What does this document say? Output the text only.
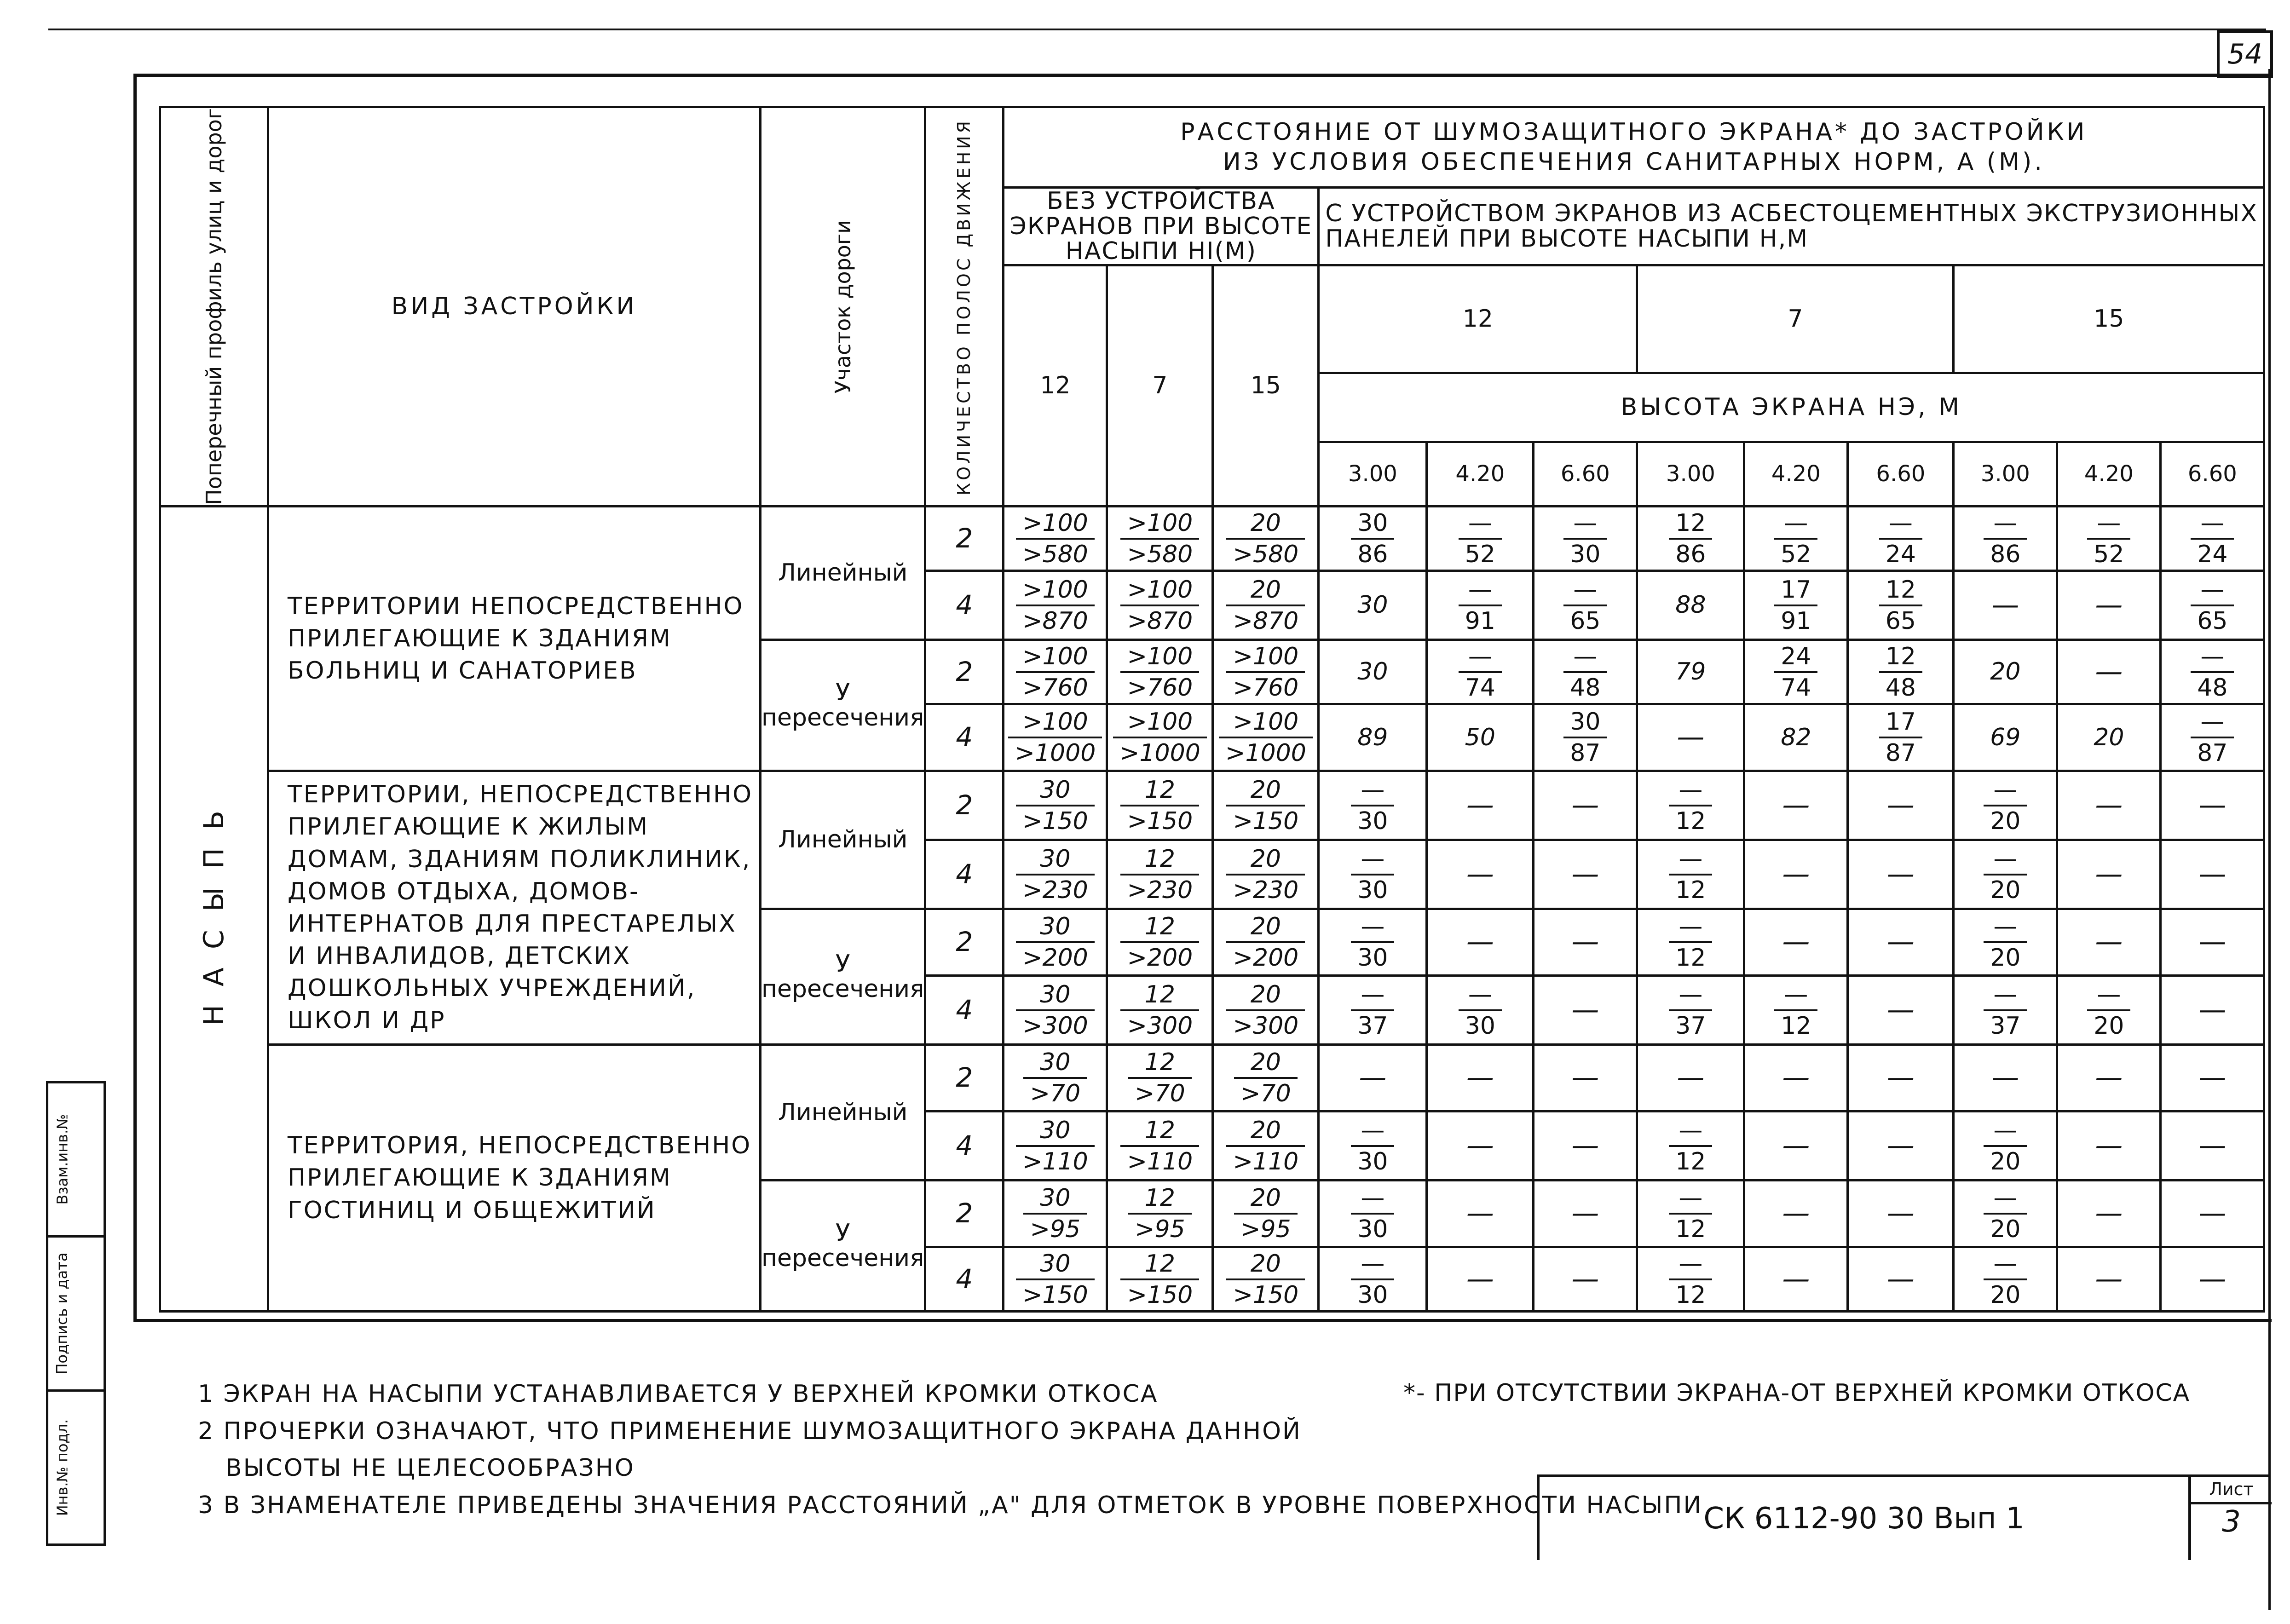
54
Взам.инв.№
Подпись и дата
Инв.№ подл.
Поперечный профиль улиц и дорог	ВИД ЗАСТРОЙКИ	Участок дороги	КОЛИЧЕСТВО ПОЛОС ДВИЖЕНИЯ	РАССТОЯНИЕ ОТ ШУМОЗАЩИТНОГО ЭКРАНА* ДО ЗАСТРОЙКИ
ИЗ УСЛОВИЯ ОБЕСПЕЧЕНИЯ САНИТАРНЫХ НОРМ, А (М).											

				БЕЗ УСТРОЙСТВА ЭКРАНОВ ПРИ ВЫСОТЕ НАСЫПИ НI(М)			С УСТРОЙСТВОМ ЭКРАНОВ ИЗ АСБЕСТОЦЕМЕНТНЫХ ЭКСТРУЗИОННЫХ ПАНЕЛЕЙ ПРИ ВЫСОТЕ НАСЫПИ Н,М								
				12	7	15	12			7			15		
							ВЫСОТА ЭКРАНА НЭ, М								
							3.00	4.20	6.60	3.00	4.20	6.60	3.00	4.20	6.60

НАСЫПЬ	ТЕРРИТОРИИ НЕПОСРЕДСТВЕННО ПРИЛЕГАЮЩИЕ К ЗДАНИЯМ БОЛЬНИЦ И САНАТОРИЕВ	Линейный	2	$\frac{>100}{>580}$	$\frac{>100}{>580}$	$\frac{20}{>580}$	$\frac{30}{86}$	$\frac{—}{52}$	$\frac{—}{30}$	$\frac{12}{86}$	$\frac{—}{52}$	$\frac{—}{24}$	$\frac{—}{86}$	$\frac{—}{52}$	$\frac{—}{24}$

			4	$\frac{>100}{>870}$	$\frac{>100}{>870}$	$\frac{20}{>870}$	30	$\frac{—}{91}$	$\frac{—}{65}$	88	$\frac{17}{91}$	$\frac{12}{65}$	—	—	$\frac{—}{65}$

		У пересечения	2	$\frac{>100}{>760}$	$\frac{>100}{>760}$	$\frac{>100}{>760}$	30	$\frac{—}{74}$	$\frac{—}{48}$	79	$\frac{24}{74}$	$\frac{12}{48}$	20	—	$\frac{—}{48}$

			4	$\frac{>100}{>1000}$	$\frac{>100}{>1000}$	$\frac{>100}{>1000}$	89	50	$\frac{30}{87}$	—	82	$\frac{17}{87}$	69	20	$\frac{—}{87}$

	ТЕРРИТОРИИ, НЕПОСРЕДСТВЕННО ПРИЛЕГАЮЩИЕ К ЖИЛЫМ ДОМАМ, ЗДАНИЯМ ПОЛИКЛИНИК, ДОМОВ ОТДЫХА, ДОМОВ-ИНТЕРНАТОВ ДЛЯ ПРЕСТАРЕЛЫХ И ИНВАЛИДОВ, ДЕТСКИХ ДОШКОЛЬНЫХ УЧРЕЖДЕНИЙ, ШКОЛ И ДР	Линейный	2	$\frac{30}{>150}$	$\frac{12}{>150}$	$\frac{20}{>150}$	$\frac{—}{30}$	—	—	$\frac{—}{12}$	—	—	$\frac{—}{20}$	—	—
			4	$\frac{30}{>230}$	$\frac{12}{>230}$	$\frac{20}{>230}$	$\frac{—}{30}$	—	—	$\frac{—}{12}$	—	—	$\frac{—}{20}$	—	—
		У пересечения	2	$\frac{30}{>200}$	$\frac{12}{>200}$	$\frac{20}{>200}$	$\frac{—}{30}$	—	—	$\frac{—}{12}$	—	—	$\frac{—}{20}$	—	—
			4	$\frac{30}{>300}$	$\frac{12}{>300}$	$\frac{20}{>300}$	$\frac{—}{37}$	$\frac{—}{30}$	—	$\frac{—}{37}$	$\frac{—}{12}$	—	$\frac{—}{37}$	$\frac{—}{20}$	—
	ТЕРРИТОРИЯ, НЕПОСРЕДСТВЕННО ПРИЛЕГАЮЩИЕ К ЗДАНИЯМ ГОСТИНИЦ И ОБЩЕЖИТИЙ	Линейный	2	$\frac{30}{>70}$	$\frac{12}{>70}$	$\frac{20}{>70}$	—	—	—	—	—	—	—	—	—
			4	$\frac{30}{>110}$	$\frac{12}{>110}$	$\frac{20}{>110}$	$\frac{—}{30}$	—	—	$\frac{—}{12}$	—	—	$\frac{—}{20}$	—	—
		У пересечения	2	$\frac{30}{>95}$	$\frac{12}{>95}$	$\frac{20}{>95}$	$\frac{—}{30}$	—	—	$\frac{—}{12}$	—	—	$\frac{—}{20}$	—	—
			4	$\frac{30}{>150}$	$\frac{12}{>150}$	$\frac{20}{>150}$	$\frac{—}{30}$	—	—	$\frac{—}{12}$	—	—	$\frac{—}{20}$	—	—
1 ЭКРАН НА НАСЫПИ УСТАНАВЛИВАЕТСЯ У ВЕРХНЕЙ КРОМКИ ОТКОСА
2 ПРОЧЕРКИ ОЗНАЧАЮТ, ЧТО ПРИМЕНЕНИЕ ШУМОЗАЩИТНОГО ЭКРАНА ДАННОЙ
ВЫСОТЫ НЕ ЦЕЛЕСООБРАЗНО
3 В ЗНАМЕНАТЕЛЕ ПРИВЕДЕНЫ ЗНАЧЕНИЯ РАССТОЯНИЙ „А" ДЛЯ ОТМЕТОК В УРОВНЕ ПОВЕРХНОСТИ НАСЫПИ
*- ПРИ ОТСУТСТВИИ ЭКРАНА-ОТ ВЕРХНЕЙ КРОМКИ ОТКОСА
СК 6112-90 30 Вып 1
Лист
3
